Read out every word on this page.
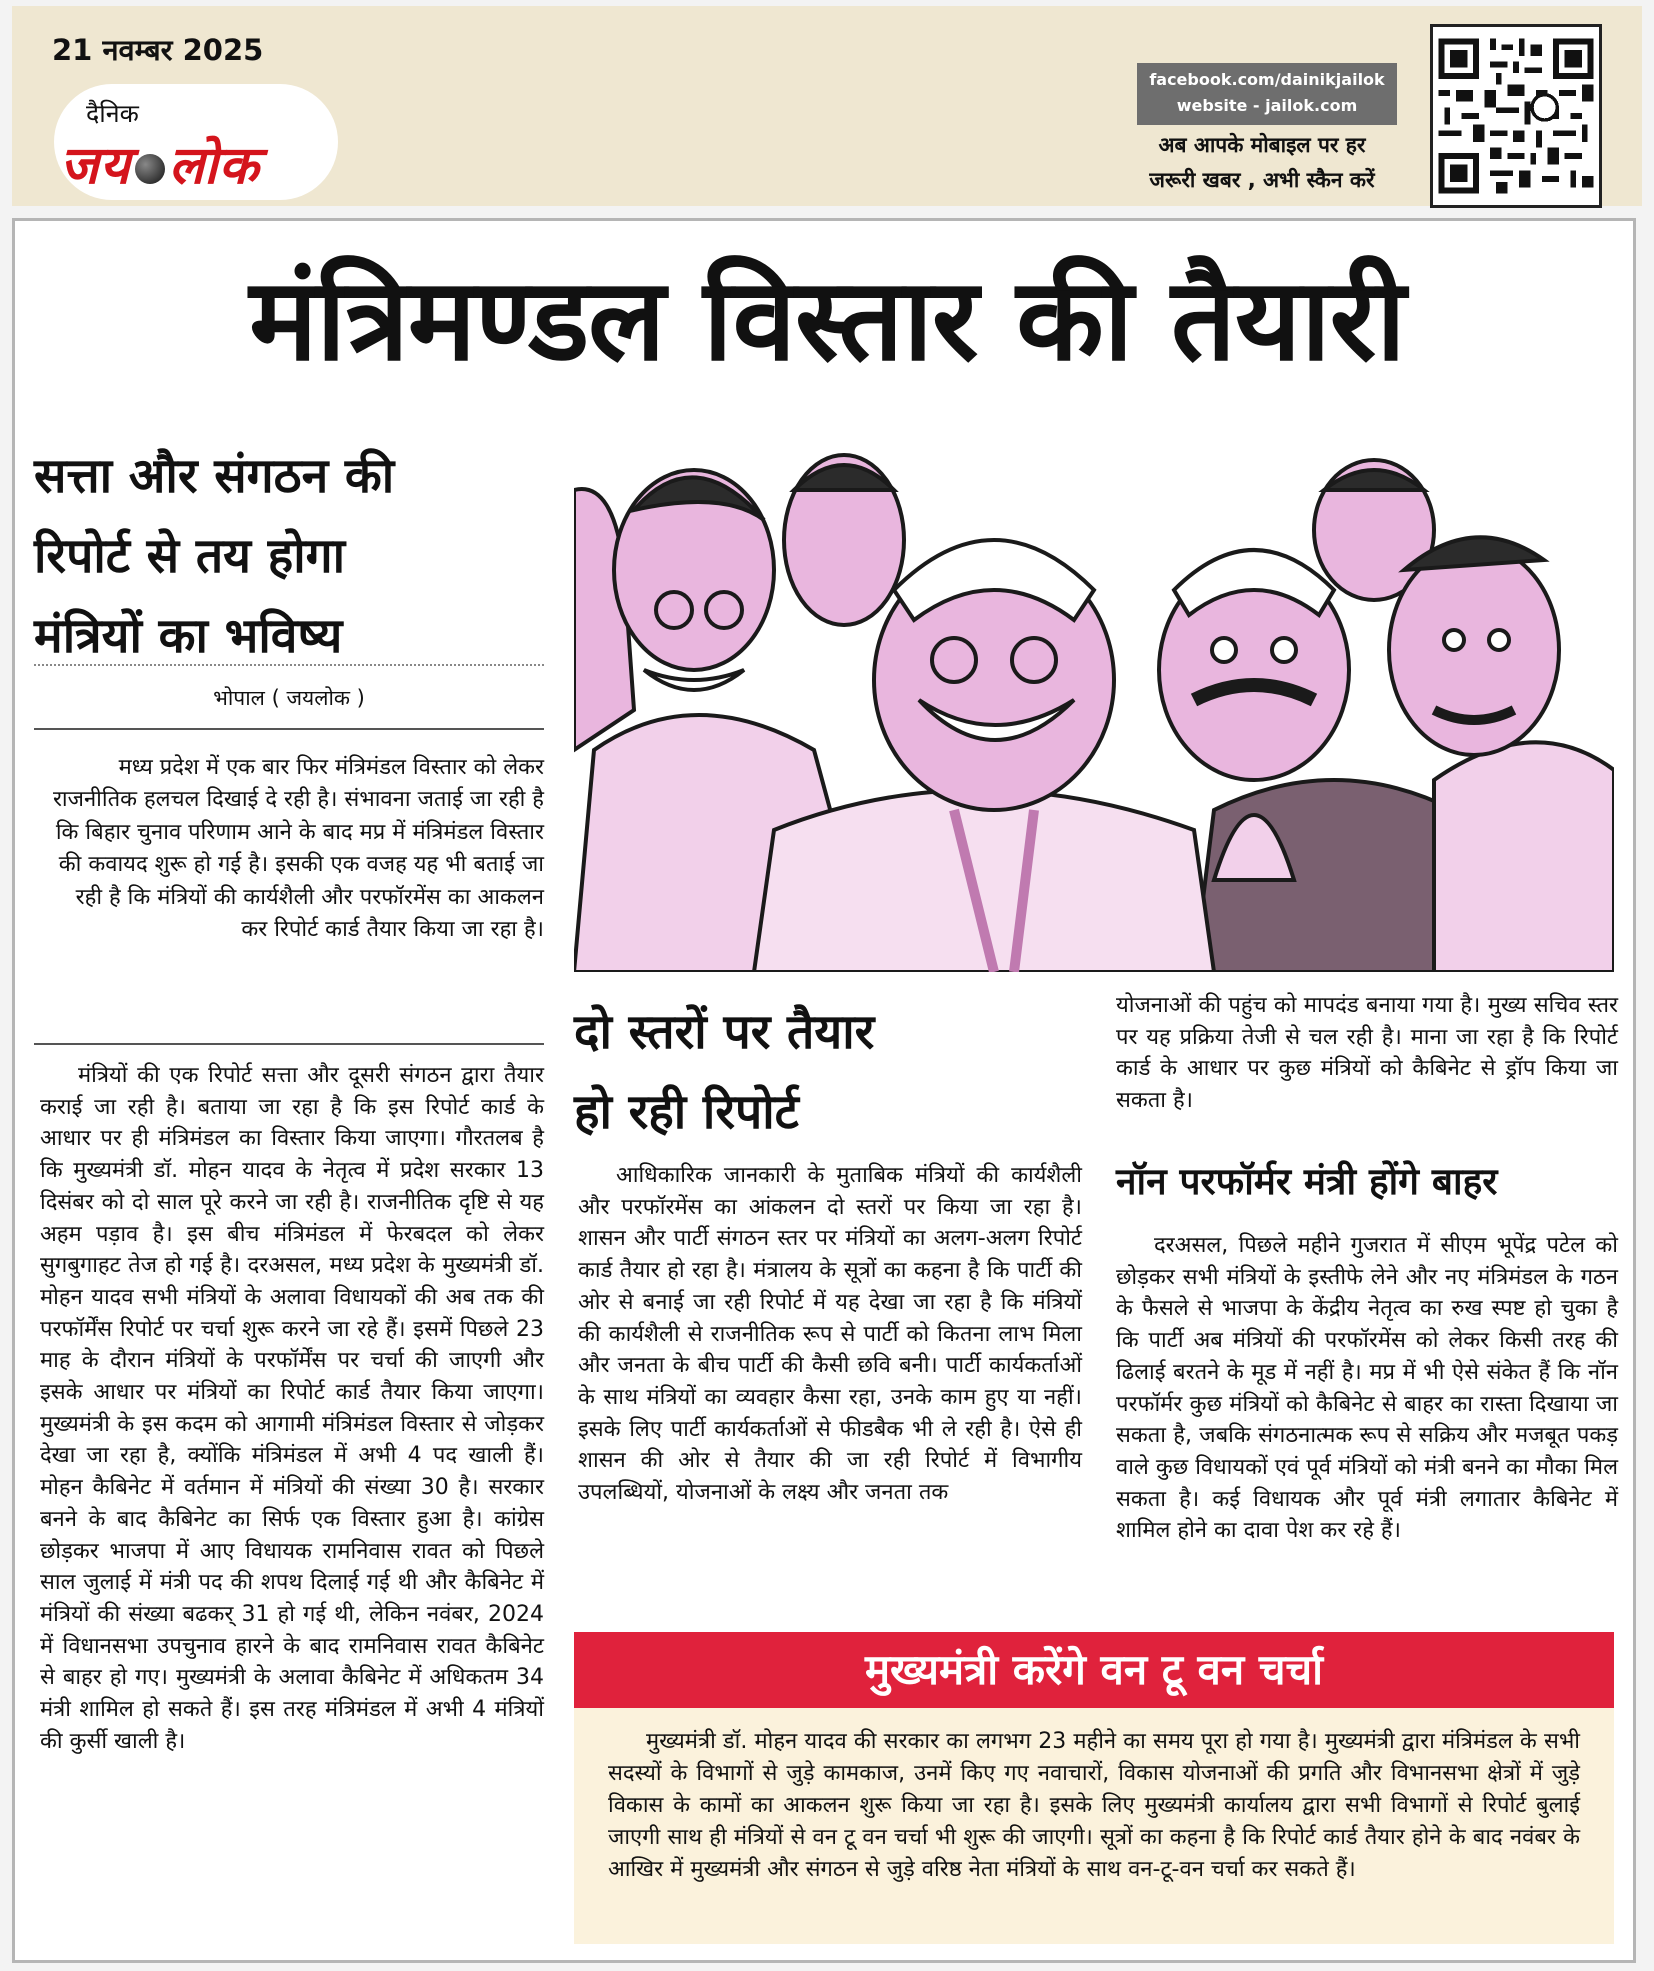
21 नवम्बर 2025
दैनिक
जय लोक
facebook.com/dainikjailok
website - jailok.com
अब आपके मोबाइल पर हर
जरूरी खबर , अभी स्कैन करें
मंत्रिमण्डल विस्तार की तैयारी
सत्ता और संगठन की
रिपोर्ट से तय होगा
मंत्रियों का भविष्य
भोपाल ( जयलोक )
मध्य प्रदेश में एक बार फिर मंत्रिमंडल विस्तार को लेकर राजनीतिक हलचल दिखाई दे रही है। संभावना जताई जा रही है कि बिहार चुनाव परिणाम आने के बाद मप्र में मंत्रिमंडल विस्तार की कवायद शुरू हो गई है। इसकी एक वजह यह भी बताई जा रही है कि मंत्रियों की कार्यशैली और परफॉरमेंस का आकलन कर रिपोर्ट कार्ड तैयार किया जा रहा है।

मंत्रियों की एक रिपोर्ट सत्ता और दूसरी संगठन द्वारा तैयार कराई जा रही है। बताया जा रहा है कि इस रिपोर्ट कार्ड के आधार पर ही मंत्रिमंडल का विस्तार किया जाएगा। गौरतलब है कि मुख्यमंत्री डॉ. मोहन यादव के नेतृत्व में प्रदेश सरकार 13 दिसंबर को दो साल पूरे करने जा रही है। राजनीतिक दृष्टि से यह अहम पड़ाव है। इस बीच मंत्रिमंडल में फेरबदल को लेकर सुगबुगाहट तेज हो गई है। दरअसल, मध्य प्रदेश के मुख्यमंत्री डॉ. मोहन यादव सभी मंत्रियों के अलावा विधायकों की अब तक की परफॉर्मेंस रिपोर्ट पर चर्चा शुरू करने जा रहे हैं। इसमें पिछले 23 माह के दौरान मंत्रियों के परफॉर्मेंस पर चर्चा की जाएगी और इसके आधार पर मंत्रियों का रिपोर्ट कार्ड तैयार किया जाएगा। मुख्यमंत्री के इस कदम को आगामी मंत्रिमंडल विस्तार से जोड़कर देखा जा रहा है, क्योंकि मंत्रिमंडल में अभी 4 पद खाली हैं। मोहन कैबिनेट में वर्तमान में मंत्रियों की संख्या 30 है। सरकार बनने के बाद कैबिनेट का सिर्फ एक विस्तार हुआ है। कांग्रेस छोड़कर भाजपा में आए विधायक रामनिवास रावत को पिछले साल जुलाई में मंत्री पद की शपथ दिलाई गई थी और कैबिनेट में मंत्रियों की संख्या बढकर् 31 हो गई थी, लेकिन नवंबर, 2024 में विधानसभा उपचुनाव हारने के बाद रामनिवास रावत कैबिनेट से बाहर हो गए। मुख्यमंत्री के अलावा कैबिनेट में अधिकतम 34 मंत्री शामिल हो सकते हैं। इस तरह मंत्रिमंडल में अभी 4 मंत्रियों की कुर्सी खाली है।

दो स्तरों पर तैयार
हो रही रिपोर्ट

आधिकारिक जानकारी के मुताबिक मंत्रियों की कार्यशैली और परफॉरमेंस का आंकलन दो स्तरों पर किया जा रहा है। शासन और पार्टी संगठन स्तर पर मंत्रियों का अलग-अलग रिपोर्ट कार्ड तैयार हो रहा है। मंत्रालय के सूत्रों का कहना है कि पार्टी की ओर से बनाई जा रही रिपोर्ट में यह देखा जा रहा है कि मंत्रियों की कार्यशैली से राजनीतिक रूप से पार्टी को कितना लाभ मिला और जनता के बीच पार्टी की कैसी छवि बनी। पार्टी कार्यकर्ताओं के साथ मंत्रियों का व्यवहार कैसा रहा, उनके काम हुए या नहीं। इसके लिए पार्टी कार्यकर्ताओं से फीडबैक भी ले रही है। ऐसे ही शासन की ओर से तैयार की जा रही रिपोर्ट में विभागीय उपलब्धियों, योजनाओं के लक्ष्य और जनता तक

योजनाओं की पहुंच को मापदंड बनाया गया है। मुख्य सचिव स्तर पर यह प्रक्रिया तेजी से चल रही है। माना जा रहा है कि रिपोर्ट कार्ड के आधार पर कुछ मंत्रियों को कैबिनेट से ड्रॉप किया जा सकता है।

नॉन परफॉर्मर मंत्री होंगे बाहर

दरअसल, पिछले महीने गुजरात में सीएम भूपेंद्र पटेल को छोड़कर सभी मंत्रियों के इस्तीफे लेने और नए मंत्रिमंडल के गठन के फैसले से भाजपा के केंद्रीय नेतृत्व का रुख स्पष्ट हो चुका है कि पार्टी अब मंत्रियों की परफॉरमेंस को लेकर किसी तरह की ढिलाई बरतने के मूड में नहीं है। मप्र में भी ऐसे संकेत हैं कि नॉन परफॉर्मर कुछ मंत्रियों को कैबिनेट से बाहर का रास्ता दिखाया जा सकता है, जबकि संगठनात्मक रूप से सक्रिय और मजबूत पकड़ वाले कुछ विधायकों एवं पूर्व मंत्रियों को मंत्री बनने का मौका मिल सकता है। कई विधायक और पूर्व मंत्री लगातार कैबिनेट में शामिल होने का दावा पेश कर रहे हैं।

मुख्यमंत्री करेंगे वन टू वन चर्चा

मुख्यमंत्री डॉ. मोहन यादव की सरकार का लगभग 23 महीने का समय पूरा हो गया है। मुख्यमंत्री द्वारा मंत्रिमंडल के सभी सदस्यों के विभागों से जुड़े कामकाज, उनमें किए गए नवाचारों, विकास योजनाओं की प्रगति और विभानसभा क्षेत्रों में जुड़े विकास के कामों का आकलन शुरू किया जा रहा है। इसके लिए मुख्यमंत्री कार्यालय द्वारा सभी विभागों से रिपोर्ट बुलाई जाएगी साथ ही मंत्रियों से वन टू वन चर्चा भी शुरू की जाएगी। सूत्रों का कहना है कि रिपोर्ट कार्ड तैयार होने के बाद नवंबर के आखिर में मुख्यमंत्री और संगठन से जुड़े वरिष्ठ नेता मंत्रियों के साथ वन-टू-वन चर्चा कर सकते हैं।
